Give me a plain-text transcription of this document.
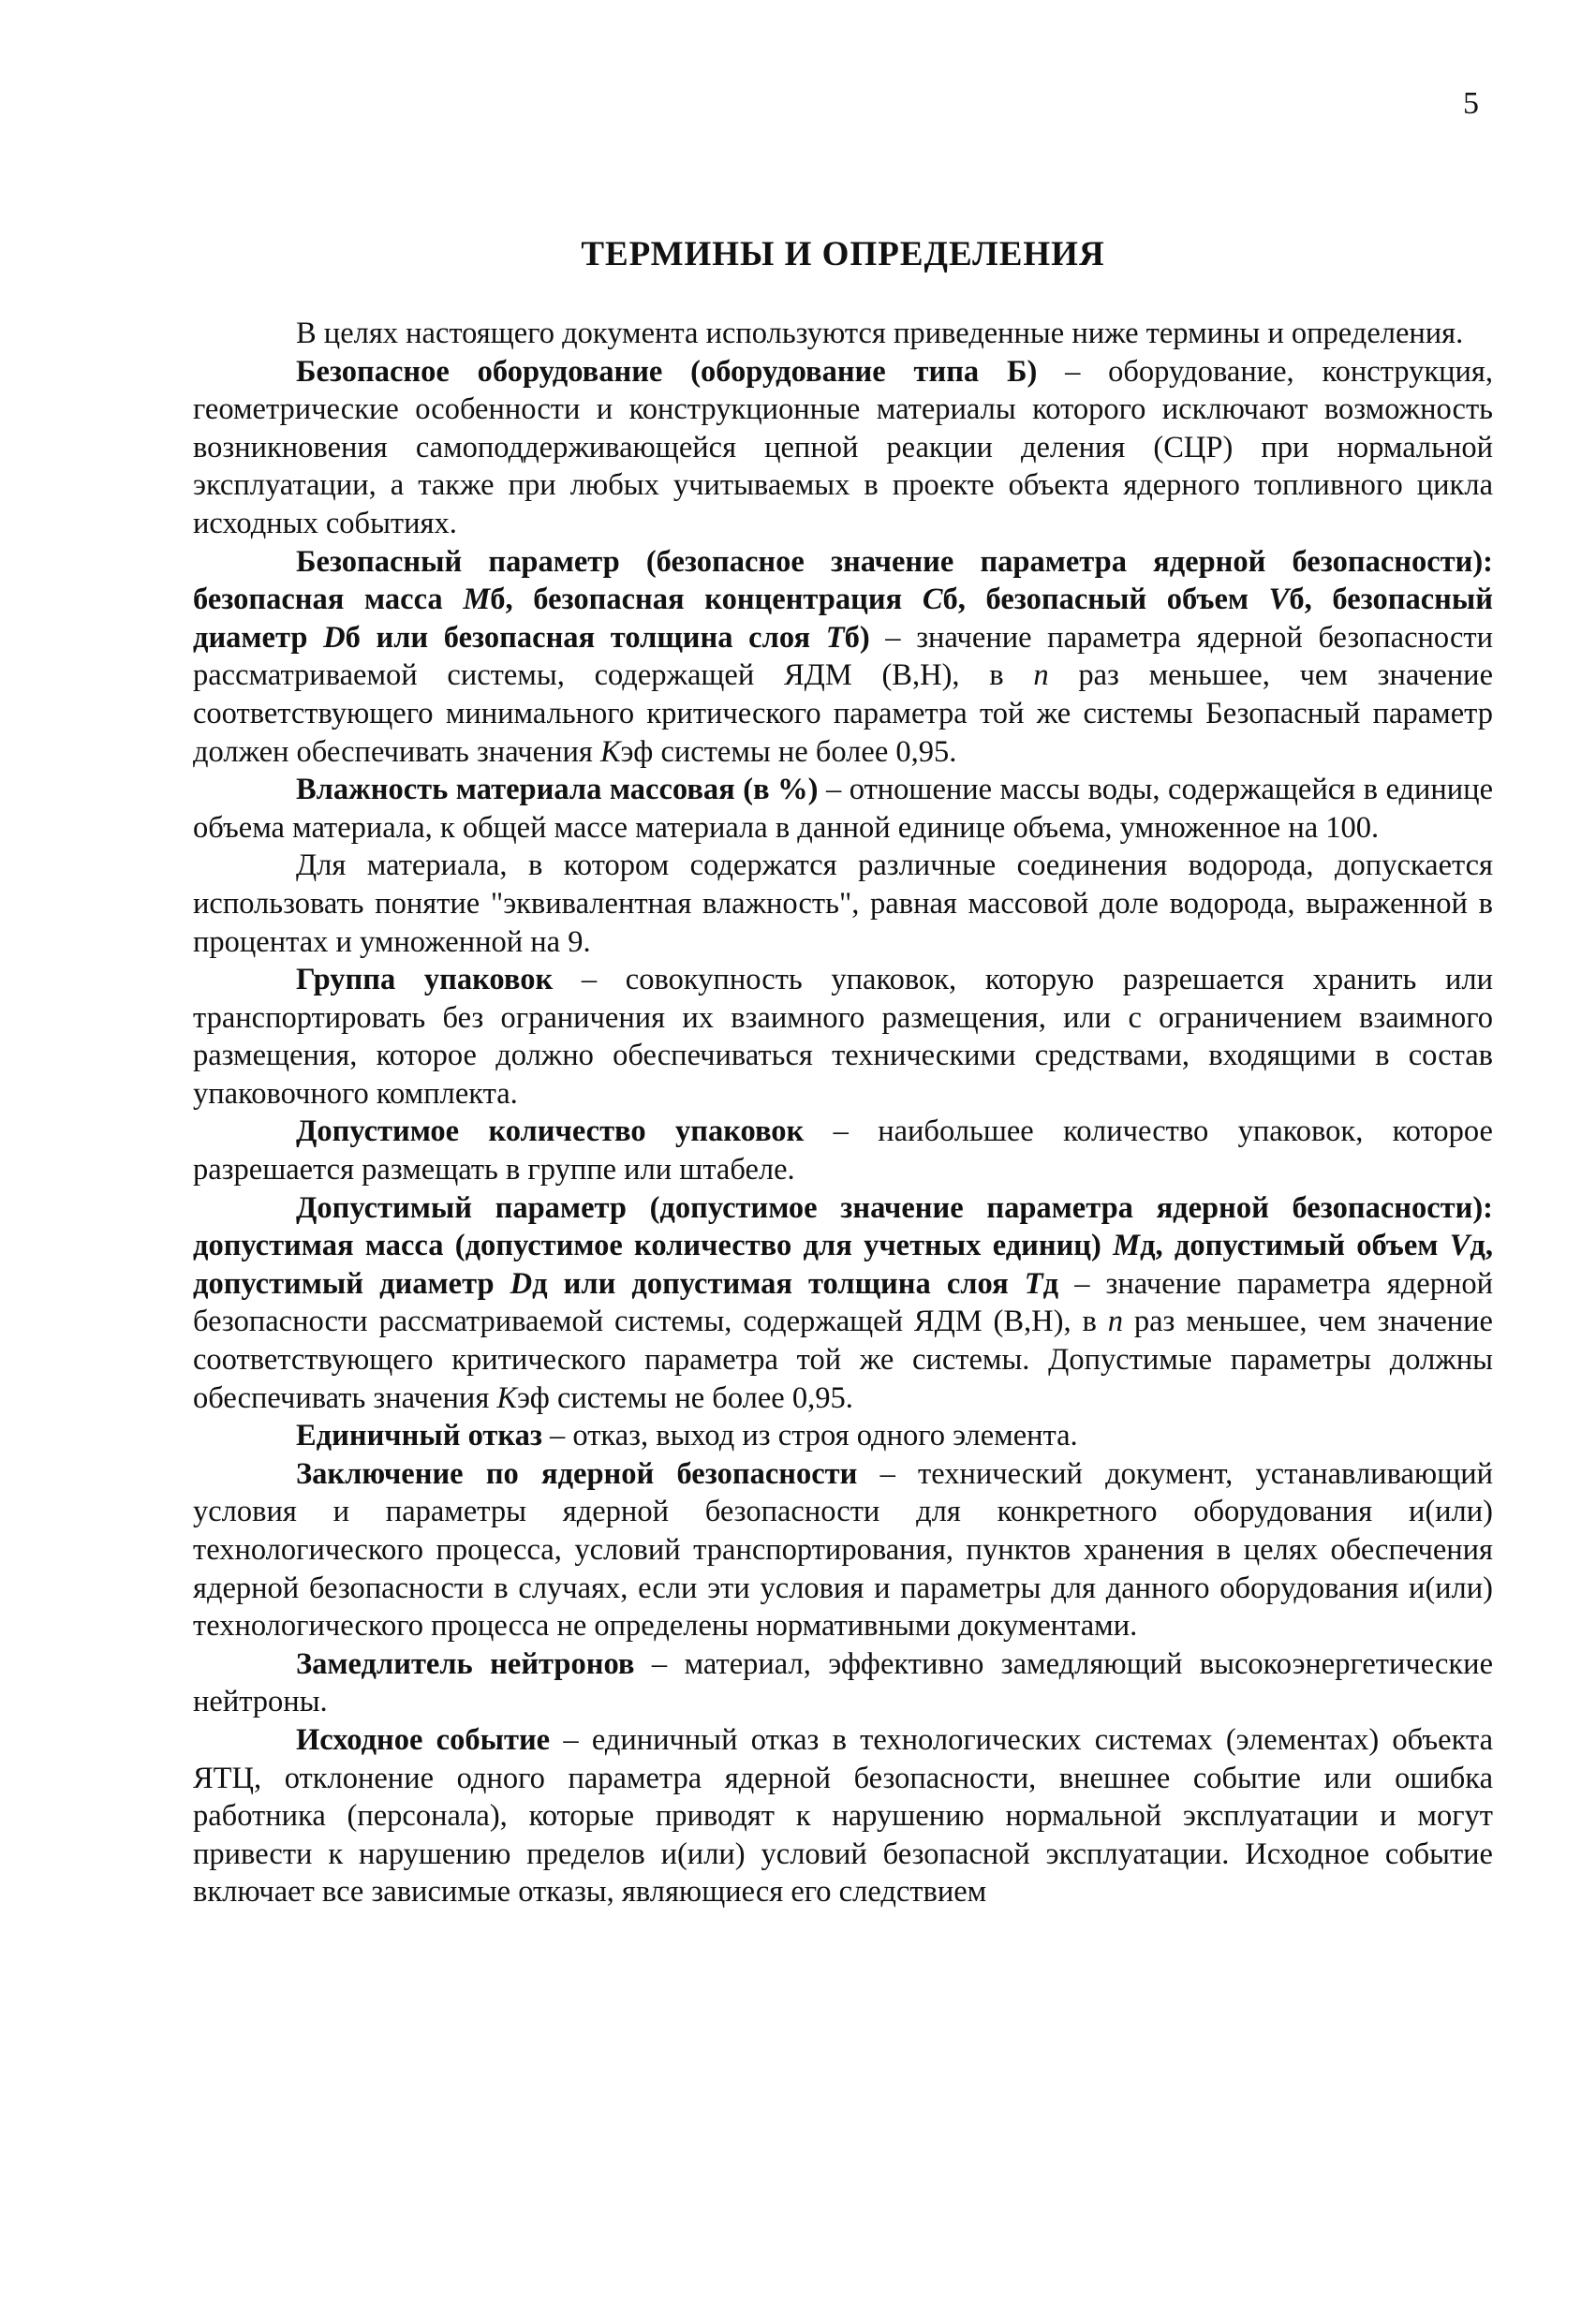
5
ТЕРМИНЫ И ОПРЕДЕЛЕНИЯ

В целях настоящего документа используются приведенные ниже термины и определения.

Безопасное оборудование (оборудование типа Б) – оборудование, конструкция, геометрические особенности и конструкционные материалы которого исключают возможность возникновения самоподдерживающейся цепной реакции деления (СЦР) при нормальной эксплуатации, а также при любых учитываемых в проекте объекта ядерного топливного цикла исходных событиях.

Безопасный параметр (безопасное значение параметра ядерной безопасности): безопасная масса Мб, безопасная концентрация Сб, безопасный объем Vб, безопасный диаметр Dб или безопасная толщина слоя Тб) – значение параметра ядерной безопасности рассматриваемой системы, содержащей ЯДМ (В,Н), в n раз меньшее, чем значение соответствующего минимального критического параметра той же системы Безопасный параметр должен обеспечивать значения Кэф системы не более 0,95.

Влажность материала массовая (в %) – отношение массы воды, содержащейся в единице объема материала, к общей массе материала в данной единице объема, умноженное на 100.

Для материала, в котором содержатся различные соединения водорода, допускается использовать понятие "эквивалентная влажность", равная массовой доле водорода, выраженной в процентах и умноженной на 9.

Группа упаковок – совокупность упаковок, которую разрешается хранить или транспортировать без ограничения их взаимного размещения, или с ограничением взаимного размещения, которое должно обеспечиваться техническими средствами, входящими в состав упаковочного комплекта.

Допустимое количество упаковок – наибольшее количество упаковок, которое разрешается размещать в группе или штабеле.

Допустимый параметр (допустимое значение параметра ядерной безопасности): допустимая масса (допустимое количество для учетных единиц) Мд, допустимый объем Vд, допустимый диаметр Dд или допустимая толщина слоя Тд – значение параметра ядерной безопасности рассматриваемой системы, содержащей ЯДМ (В,Н), в n раз меньшее, чем значение соответствующего критического параметра той же системы. Допустимые параметры должны обеспечивать значения Кэф системы не более 0,95.

Единичный отказ – отказ, выход из строя одного элемента.

Заключение по ядерной безопасности – технический документ, устанавливающий условия и параметры ядерной безопасности для конкретного оборудования и(или) технологического процесса, условий транспортирования, пунктов хранения в целях обеспечения ядерной безопасности в случаях, если эти условия и параметры для данного оборудования и(или) технологического процесса не определены нормативными документами.

Замедлитель нейтронов – материал, эффективно замедляющий высокоэнергетические нейтроны.

Исходное событие – единичный отказ в технологических системах (элементах) объекта ЯТЦ, отклонение одного параметра ядерной безопасности, внешнее событие или ошибка работника (персонала), которые приводят к нарушению нормальной эксплуатации и могут привести к нарушению пределов и(или) условий безопасной эксплуатации. Исходное событие включает все зависимые отказы, являющиеся его следствием
